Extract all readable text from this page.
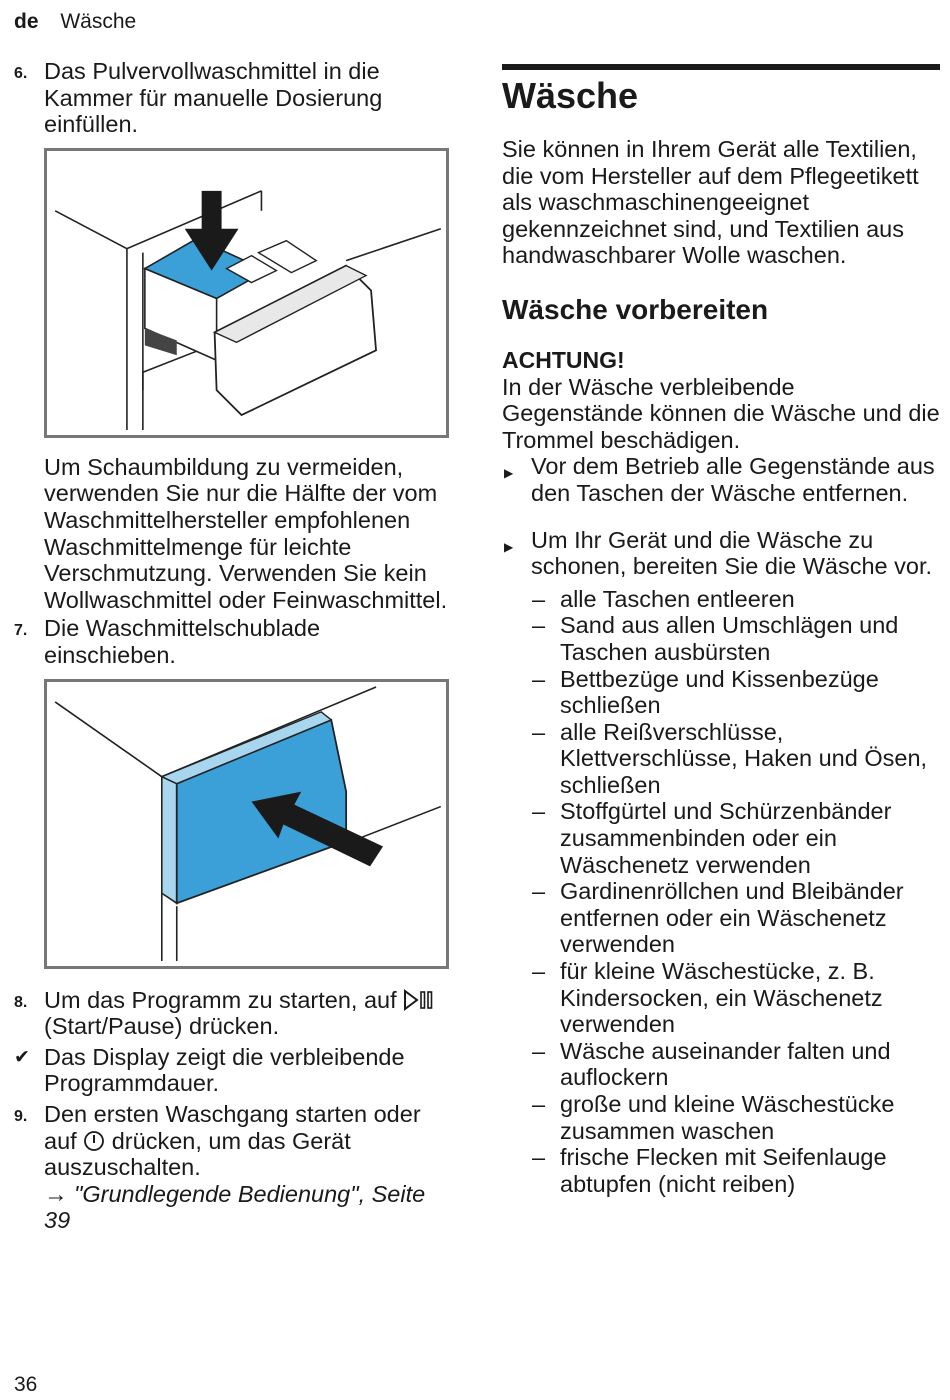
de Wäsche
6. Das Pulvervollwaschmittel in die Kammer für manuelle Dosierung einfüllen.

Um Schaumbildung zu vermeiden, verwenden Sie nur die Hälfte der vom Waschmittelhersteller empfohlenen Waschmittelmenge für leichte Verschmutzung. Verwenden Sie kein Wollwaschmittel oder Feinwaschmittel.

7. Die Waschmittelschublade einschieben.
8. Um das Programm zu starten, auf  (Start/Pause) drücken.
✔ Das Display zeigt die verbleibende Programmdauer.
9. Den ersten Waschgang starten oder auf drücken, um das Gerät auszuschalten.
→ "Grundlegende Bedienung", Seite 39
Wäsche

Sie können in Ihrem Gerät alle Textilien, die vom Hersteller auf dem Pflegeetikett als waschmaschinengeeignet gekennzeichnet sind, und Textilien aus handwaschbarer Wolle waschen.

Wäsche vorbereiten

ACHTUNG!

In der Wäsche verbleibende Gegenstände können die Wäsche und die Trommel beschädigen.

▶ Vor dem Betrieb alle Gegenstände aus den Taschen der Wäsche entfernen.
▶ Um Ihr Gerät und die Wäsche zu schonen, bereiten Sie die Wäsche vor.
– alle Taschen entleeren
– Sand aus allen Umschlägen und Taschen ausbürsten
– Bettbezüge und Kissenbezüge schließen
– alle Reißverschlüsse, Klettverschlüsse, Haken und Ösen, schließen
– Stoffgürtel und Schürzenbänder zusammenbinden oder ein Wäschenetz verwenden
– Gardinenröllchen und Bleibänder entfernen oder ein Wäschenetz verwenden
– für kleine Wäschestücke, z. B. Kindersocken, ein Wäschenetz verwenden
– Wäsche auseinander falten und auflockern
– große und kleine Wäschestücke zusammen waschen
– frische Flecken mit Seifenlauge abtupfen (nicht reiben)
36
